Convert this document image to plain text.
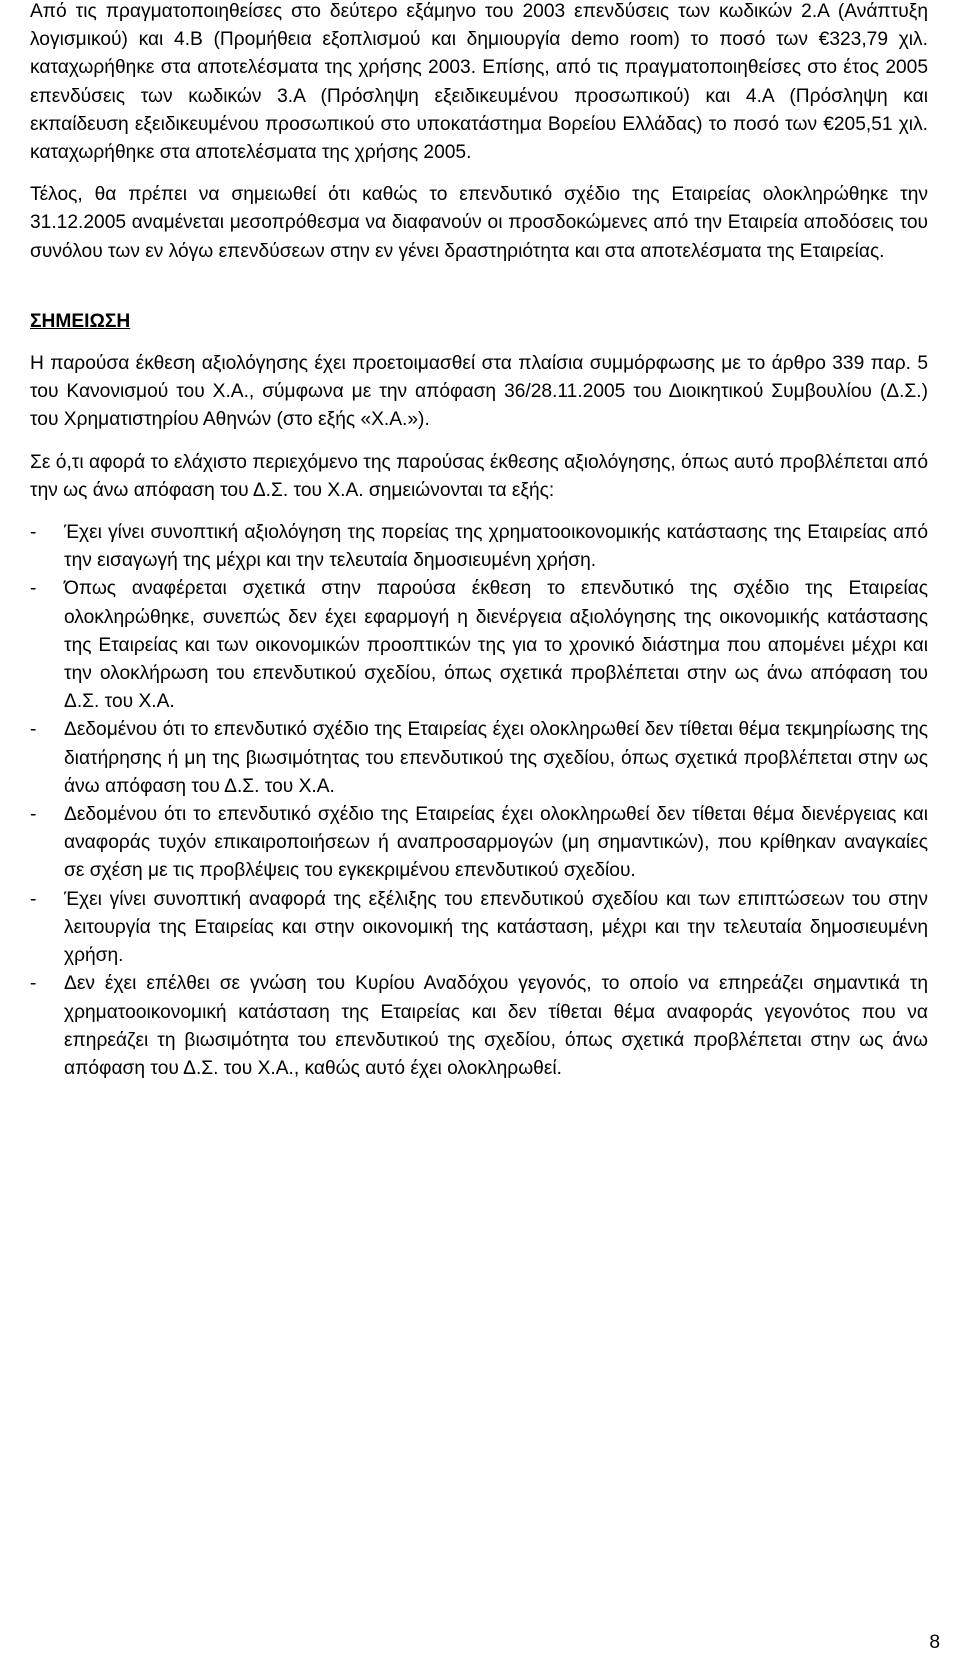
Από τις πραγματοποιηθείσες στο δεύτερο εξάμηνο του 2003 επενδύσεις των κωδικών 2.Α (Ανάπτυξη λογισμικού) και 4.Β (Προμήθεια εξοπλισμού και δημιουργία demo room) το ποσό των €323,79 χιλ. καταχωρήθηκε στα αποτελέσματα της χρήσης 2003. Επίσης, από τις πραγματοποιηθείσες στο έτος 2005 επενδύσεις των κωδικών 3.Α (Πρόσληψη εξειδικευμένου προσωπικού) και 4.Α (Πρόσληψη και εκπαίδευση εξειδικευμένου προσωπικού στο υποκατάστημα Βορείου Ελλάδας) το ποσό των €205,51 χιλ. καταχωρήθηκε στα αποτελέσματα της χρήσης 2005.

Τέλος, θα πρέπει να σημειωθεί ότι καθώς το επενδυτικό σχέδιο της Εταιρείας ολοκληρώθηκε την 31.12.2005 αναμένεται μεσοπρόθεσμα να διαφανούν οι προσδοκώμενες από την Εταιρεία αποδόσεις του συνόλου των εν λόγω επενδύσεων στην εν γένει δραστηριότητα και στα αποτελέσματα της Εταιρείας.

ΣΗΜΕΙΩΣΗ

Η παρούσα έκθεση αξιολόγησης έχει προετοιμασθεί στα πλαίσια συμμόρφωσης με το άρθρο 339 παρ. 5 του Κανονισμού του Χ.Α., σύμφωνα με την απόφαση 36/28.11.2005 του Διοικητικού Συμβουλίου (Δ.Σ.) του Χρηματιστηρίου Αθηνών (στο εξής «Χ.Α.»).

Σε ό,τι αφορά το ελάχιστο περιεχόμενο της παρούσας έκθεσης αξιολόγησης, όπως αυτό προβλέπεται από την ως άνω απόφαση του Δ.Σ. του Χ.Α. σημειώνονται τα εξής:

- Έχει γίνει συνοπτική αξιολόγηση της πορείας της χρηματοοικονομικής κατάστασης της Εταιρείας από την εισαγωγή της μέχρι και την τελευταία δημοσιευμένη χρήση.
- Όπως αναφέρεται σχετικά στην παρούσα έκθεση το επενδυτικό της σχέδιο της Εταιρείας ολοκληρώθηκε, συνεπώς δεν έχει εφαρμογή η διενέργεια αξιολόγησης της οικονομικής κατάστασης της Εταιρείας και των οικονομικών προοπτικών της για το χρονικό διάστημα που απομένει μέχρι και την ολοκλήρωση του επενδυτικού σχεδίου, όπως σχετικά προβλέπεται στην ως άνω απόφαση του Δ.Σ. του Χ.Α.
- Δεδομένου ότι το επενδυτικό σχέδιο της Εταιρείας έχει ολοκληρωθεί δεν τίθεται θέμα τεκμηρίωσης της διατήρησης ή μη της βιωσιμότητας του επενδυτικού της σχεδίου, όπως σχετικά προβλέπεται στην ως άνω απόφαση του Δ.Σ. του Χ.Α.
- Δεδομένου ότι το επενδυτικό σχέδιο της Εταιρείας έχει ολοκληρωθεί δεν τίθεται θέμα διενέργειας και αναφοράς τυχόν επικαιροποιήσεων ή αναπροσαρμογών (μη σημαντικών), που κρίθηκαν αναγκαίες σε σχέση με τις προβλέψεις του εγκεκριμένου επενδυτικού σχεδίου.
- Έχει γίνει συνοπτική αναφορά της εξέλιξης του επενδυτικού σχεδίου και των επιπτώσεων του στην λειτουργία της Εταιρείας και στην οικονομική της κατάσταση, μέχρι και την τελευταία δημοσιευμένη χρήση.
- Δεν έχει επέλθει σε γνώση του Κυρίου Αναδόχου γεγονός, το οποίο να επηρεάζει σημαντικά τη χρηματοοικονομική κατάσταση της Εταιρείας και δεν τίθεται θέμα αναφοράς γεγονότος που να επηρεάζει τη βιωσιμότητα του επενδυτικού της σχεδίου, όπως σχετικά προβλέπεται στην ως άνω απόφαση του Δ.Σ. του Χ.Α., καθώς αυτό έχει ολοκληρωθεί.
8
